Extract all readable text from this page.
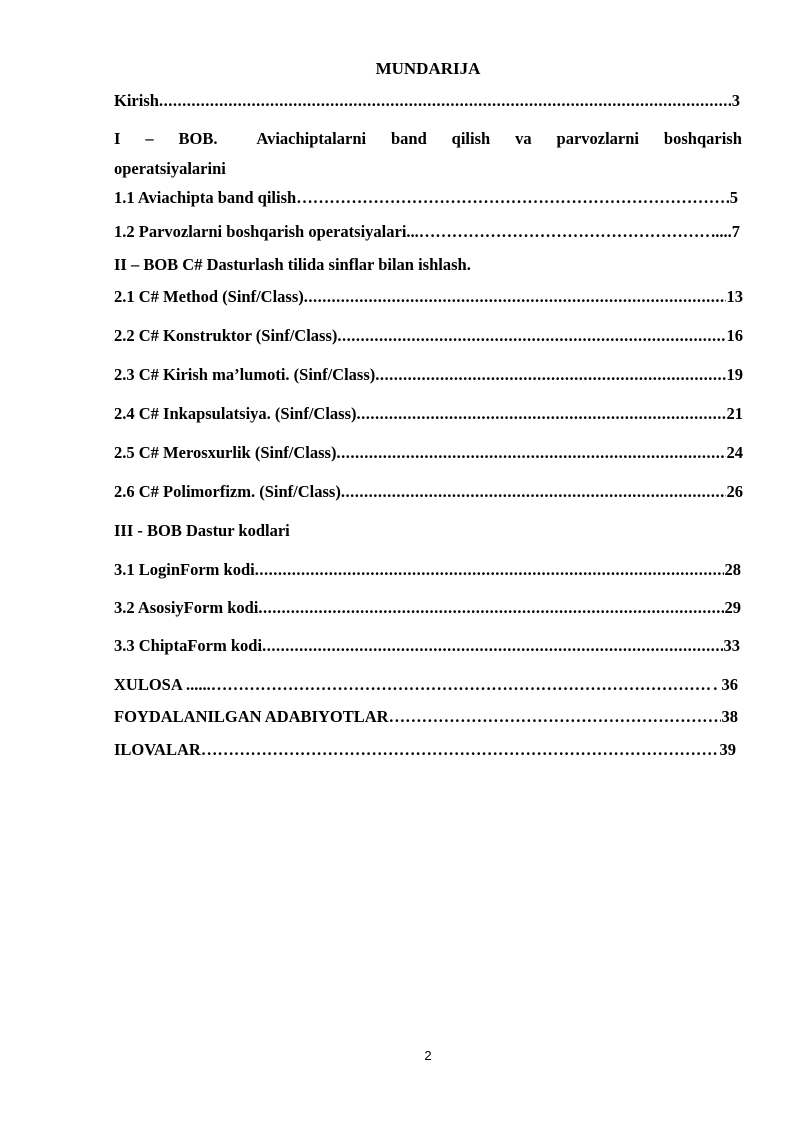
MUNDARIJA
Kirish .....	3
I – BOB. Aviachiptalarni band qilish va parvozlarni boshqarish
operatsiyalarini
1.1 Aviachipta band qilish ……………………………………………………………………………………………………………………………………………………………………………………………………	5
1.2 Parvozlarni boshqarish operatsiyalari... ……………………………………………………………………………………………………………………………………………………………………………………………………	.....7
II – BOB C# Dasturlash tilida sinflar bilan ishlash.
2.1 C# Method (Sinf/Class) .....	13
2.2 C# Konstruktor (Sinf/Class) .....	16
2.3 C# Kirish ma’lumoti. (Sinf/Class) .....	19
2.4 C# Inkapsulatsiya. (Sinf/Class) .....	21
2.5 C# Merosxurlik (Sinf/Class) .....	24
2.6 C# Polimorfizm. (Sinf/Class) .....	26
III - BOB Dastur kodlari
3.1 LoginForm kodi .....	28
3.2 AsosiyForm kodi .....	29
3.3 ChiptaForm kodi .....	33
XULOSA ...... ……………………………………………………………………………………………………………………………………………………………………………………………………	. 36
FOYDALANILGAN ADABIYOTLAR ……………………………………………………………………………………………………………………………………………………………………………………………………	38
ILOVALAR ……………………………………………………………………………………………………………………………………………………………………………………………………	39
2
